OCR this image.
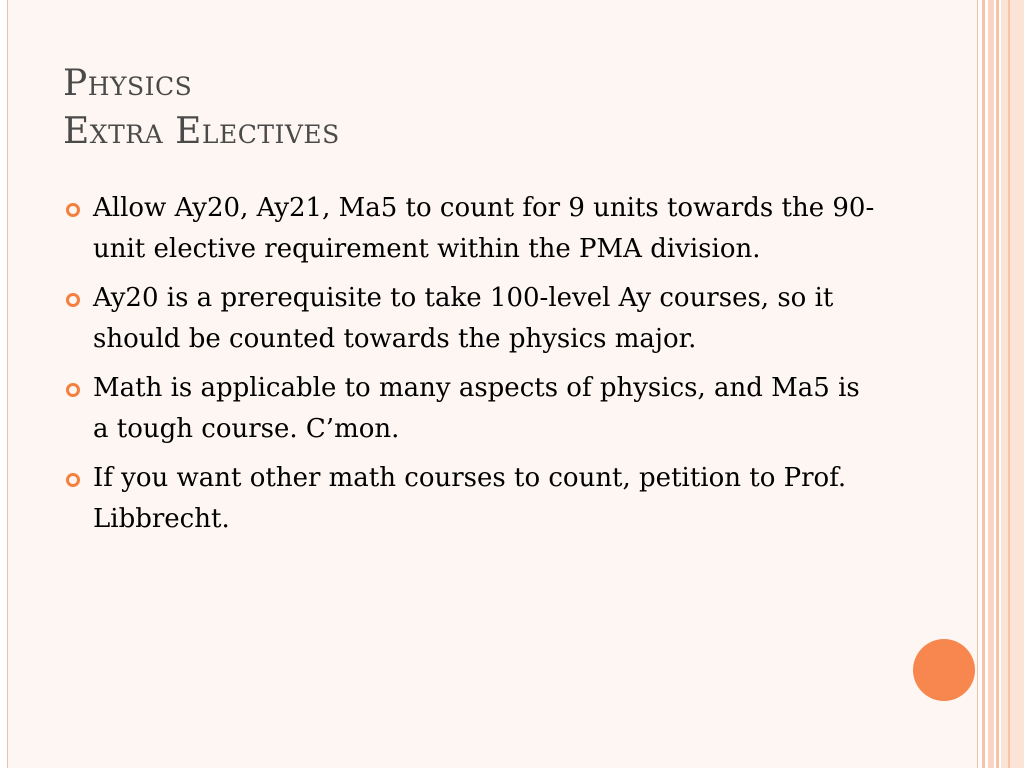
Physics
Extra Electives
Allow Ay20, Ay21, Ma5 to count for 9 units towards the 90-unit elective requirement within the PMA division.
Ay20 is a prerequisite to take 100-level Ay courses, so it should be counted towards the physics major.
Math is applicable to many aspects of physics, and Ma5 is a tough course. C’mon.
If you want other math courses to count, petition to Prof. Libbrecht.
